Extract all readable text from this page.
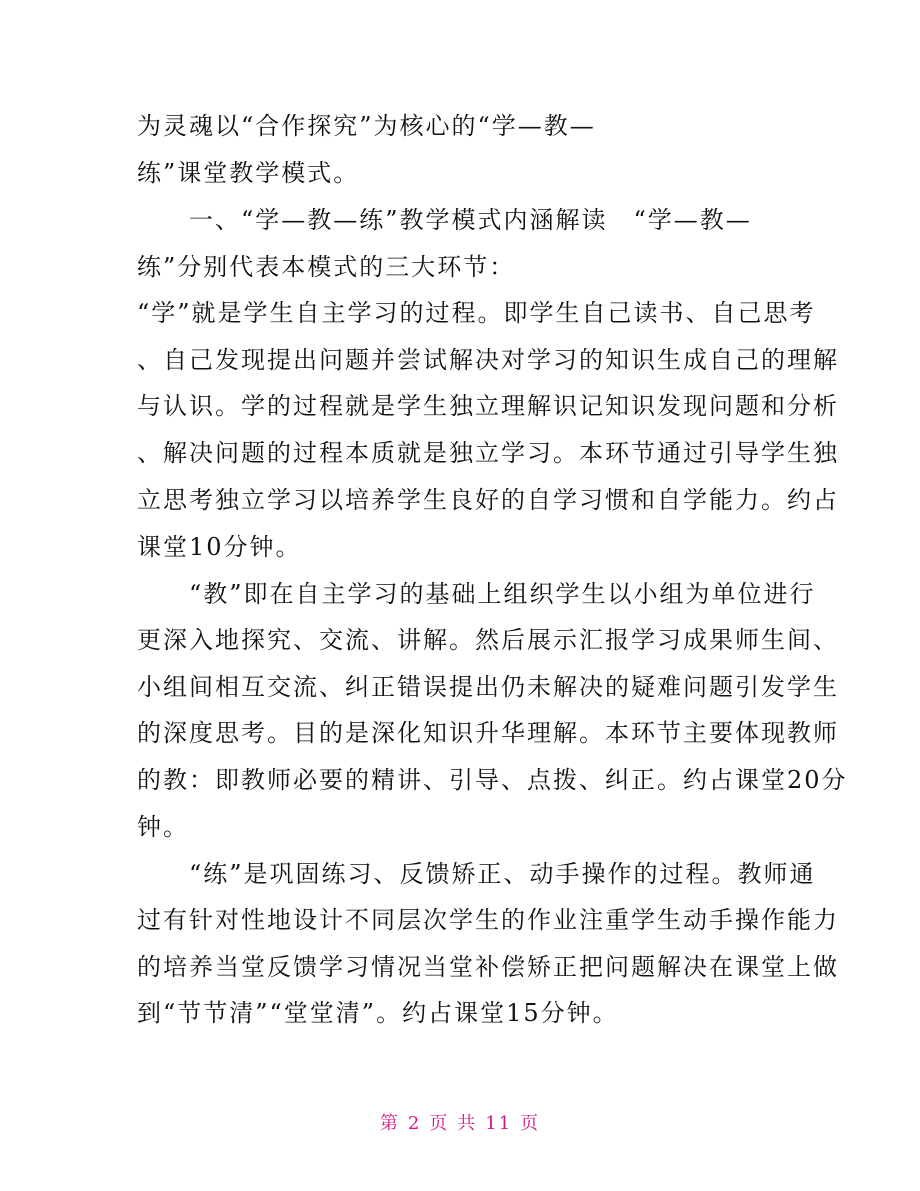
为灵魂以“合作探究”为核心的“学—教—
练”课堂教学模式。
　　一、“学—教—练”教学模式内涵解读　“学—教—
练”分别代表本模式的三大环节：
“学”就是学生自主学习的过程。即学生自己读书、自己思考
、自己发现提出问题并尝试解决对学习的知识生成自己的理解
与认识。学的过程就是学生独立理解识记知识发现问题和分析
、解决问题的过程本质就是独立学习。本环节通过引导学生独
立思考独立学习以培养学生良好的自学习惯和自学能力。约占
课堂10分钟。
　　“教”即在自主学习的基础上组织学生以小组为单位进行
更深入地探究、交流、讲解。然后展示汇报学习成果师生间、
小组间相互交流、纠正错误提出仍未解决的疑难问题引发学生
的深度思考。目的是深化知识升华理解。本环节主要体现教师
的教：即教师必要的精讲、引导、点拨、纠正。约占课堂20分
钟。
　　“练”是巩固练习、反馈矫正、动手操作的过程。教师通
过有针对性地设计不同层次学生的作业注重学生动手操作能力
的培养当堂反馈学习情况当堂补偿矫正把问题解决在课堂上做
到“节节清”“堂堂清”。约占课堂15分钟。
第 2 页 共 11 页
